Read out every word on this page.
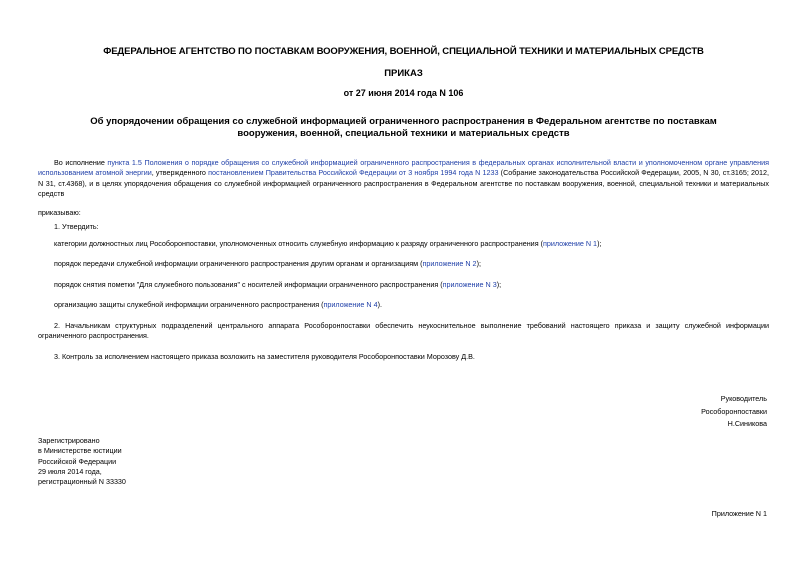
ФЕДЕРАЛЬНОЕ АГЕНТСТВО ПО ПОСТАВКАМ ВООРУЖЕНИЯ, ВОЕННОЙ, СПЕЦИАЛЬНОЙ ТЕХНИКИ И МАТЕРИАЛЬНЫХ СРЕДСТВ
ПРИКАЗ
от 27 июня 2014 года N 106
Об упорядочении обращения со служебной информацией ограниченного распространения в Федеральном агентстве по поставкам вооружения, военной, специальной техники и материальных средств
Во исполнение пункта 1.5 Положения о порядке обращения со служебной информацией ограниченного распространения в федеральных органах исполнительной власти и уполномоченном органе управления использованием атомной энергии, утвержденного постановлением Правительства Российской Федерации от 3 ноября 1994 года N 1233 (Собрание законодательства Российской Федерации, 2005, N 30, ст.3165; 2012, N 31, ст.4368), и в целях упорядочения обращения со служебной информацией ограниченного распространения в Федеральном агентстве по поставкам вооружения, военной, специальной техники и материальных средств
приказываю:
1. Утвердить:
категории должностных лиц Рособоронпоставки, уполномоченных относить служебную информацию к разряду ограниченного распространения (приложение N 1);
порядок передачи служебной информации ограниченного распространения другим органам и организациям (приложение N 2);
порядок снятия пометки "Для служебного пользования" с носителей информации ограниченного распространения (приложение N 3);
организацию защиты служебной информации ограниченного распространения (приложение N 4).
2. Начальникам структурных подразделений центрального аппарата Рособоронпоставки обеспечить неукоснительное выполнение требований настоящего приказа и защиту служебной информации ограниченного распространения.
3. Контроль за исполнением настоящего приказа возложить на заместителя руководителя Рособоронпоставки Морозову Д.В.
Руководитель
Рособоронпоставки
Н.Синикова
Зарегистрировано
в Министерстве юстиции
Российской Федерации
29 июля 2014 года,
регистрационный N 33330
Приложение N 1
